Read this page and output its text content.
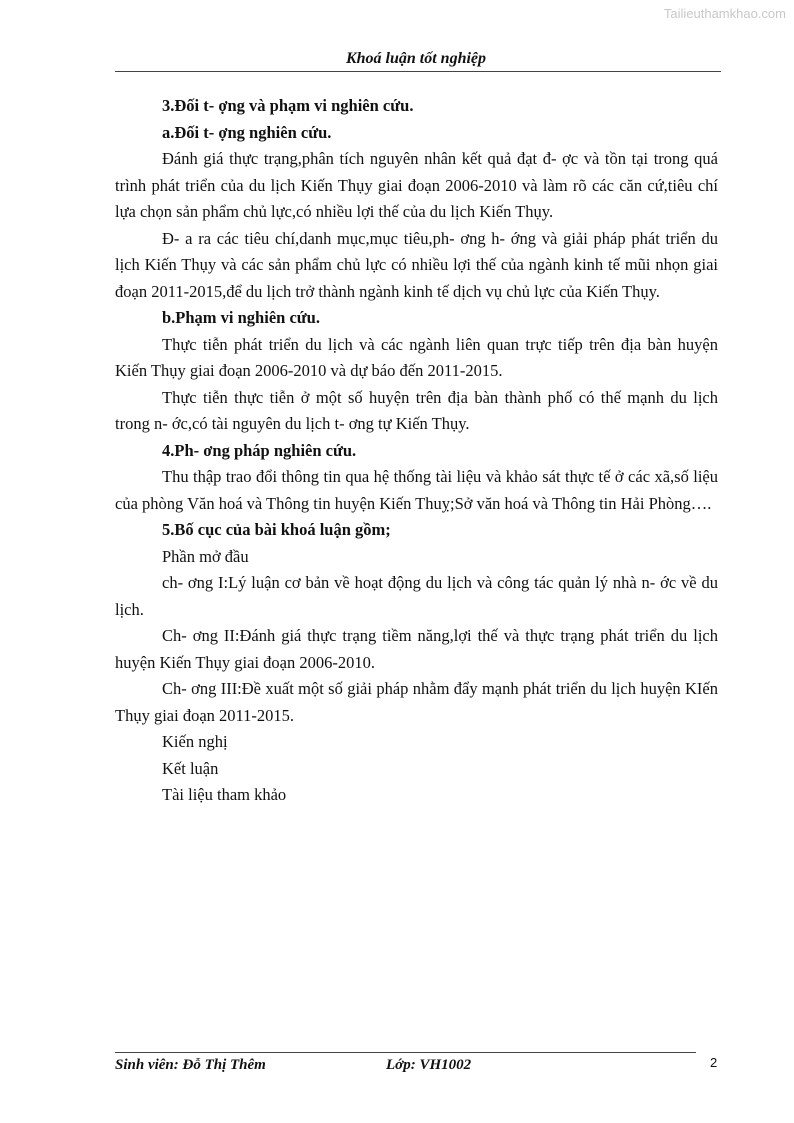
Tailieuthamkhao.com
Khoá luận tốt nghiệp

3.Đối t- ợng và phạm vi nghiên cứu.

a.Đối t- ợng nghiên cứu.

Đánh giá thực trạng,phân tích nguyên nhân kết quả đạt đ- ợc và tồn tại trong quá trình phát triển của du lịch Kiến Thụy giai đoạn 2006-2010 và làm rõ các căn cứ,tiêu chí lựa chọn sản phẩm chủ lực,có nhiều lợi thế của du lịch Kiến Thụy.

Đ- a ra các tiêu chí,danh mục,mục tiêu,ph- ơng h- ớng và giải pháp phát triển du lịch Kiến Thụy và các sản phẩm chủ lực có nhiều lợi thế của ngành kinh tế mũi nhọn giai đoạn 2011-2015,để du lịch trở thành ngành kinh tế dịch vụ chủ lực của Kiến Thụy.

b.Phạm vi nghiên cứu.

Thực tiễn phát triển du lịch và các ngành liên quan trực tiếp trên địa bàn huyện Kiến Thụy giai đoạn 2006-2010 và dự báo đến 2011-2015.

Thực tiễn thực tiễn ở một số huyện trên địa bàn thành phố có thế mạnh du lịch trong n- ớc,có tài nguyên du lịch t- ơng tự Kiến Thụy.

4.Ph- ơng pháp nghiên cứu.

Thu thập trao đổi thông tin qua hệ thống tài liệu và khảo sát thực tế ở các xã,số liệu của phòng Văn hoá và Thông tin huyện Kiến Thuỵ;Sở văn hoá và Thông tin Hải Phòng….

5.Bố cục của bài khoá luận gồm;

Phần mở đầu

ch- ơng I:Lý luận cơ bản về hoạt động du lịch và công tác quản lý nhà n- ớc về du lịch.

Ch- ơng II:Đánh giá thực trạng tiềm năng,lợi thế và thực trạng phát triển du lịch huyện Kiến Thụy giai đoạn 2006-2010.

Ch- ơng III:Đề xuất một số giải pháp nhằm đẩy mạnh phát triển du lịch huyện KIến Thụy giai đoạn 2011-2015.

Kiến nghị

Kết luận

Tài liệu tham khảo

Sinh viên: Đỗ Thị Thêm	Lớp: VH1002	2
